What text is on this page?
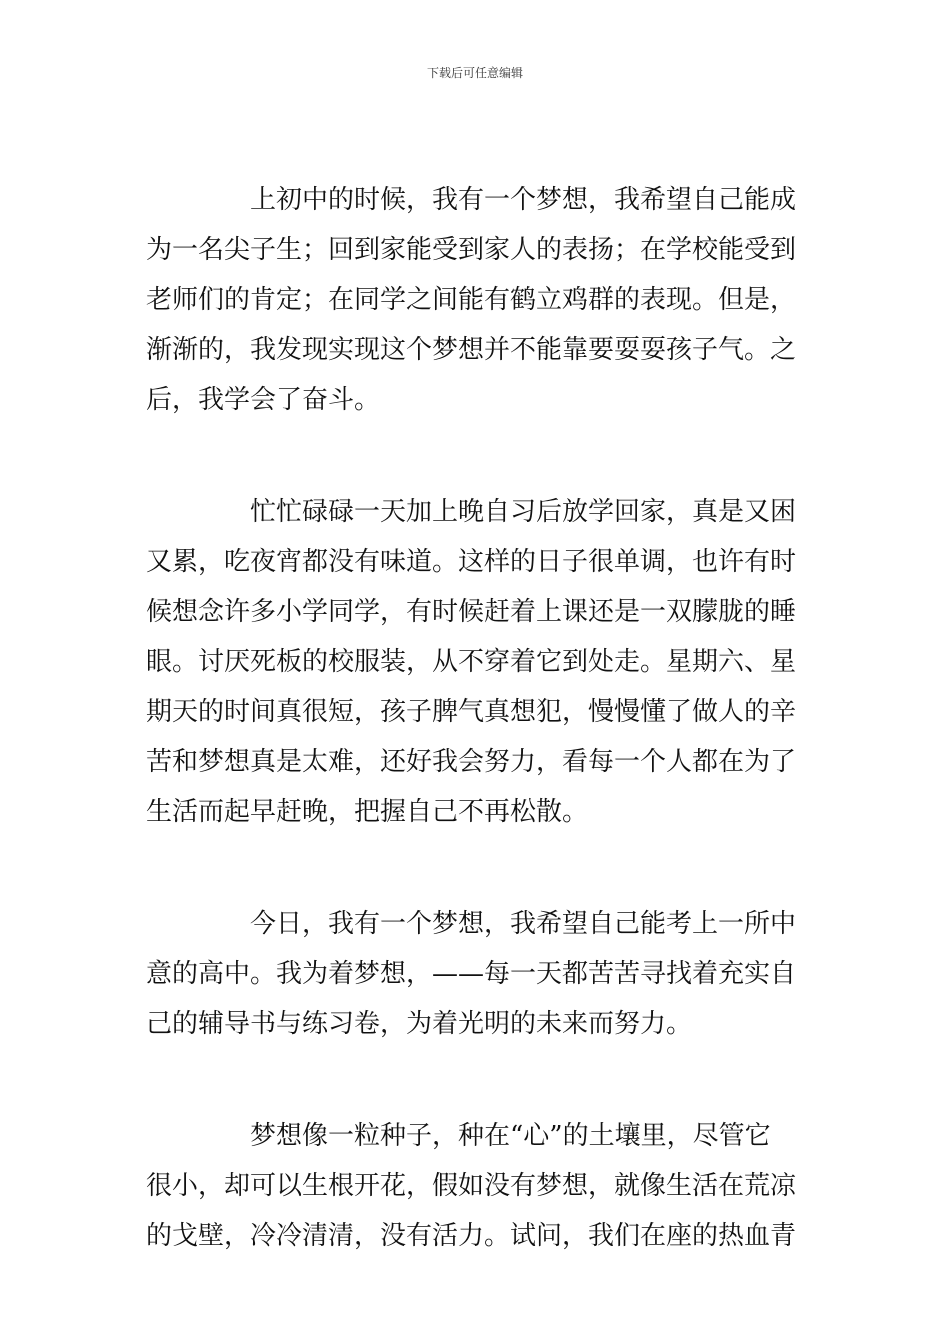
下载后可任意编辑
上初中的时候，我有一个梦想，我希望自己能成
为一名尖子生；回到家能受到家人的表扬；在学校能受到
老师们的肯定；在同学之间能有鹤立鸡群的表现。但是，
渐渐的，我发现实现这个梦想并不能靠要耍耍孩子气。之
后，我学会了奋斗。
忙忙碌碌一天加上晚自习后放学回家，真是又困
又累，吃夜宵都没有味道。这样的日子很单调，也许有时
候想念许多小学同学，有时候赶着上课还是一双朦胧的睡
眼。讨厌死板的校服装，从不穿着它到处走。星期六、星
期天的时间真很短，孩子脾气真想犯，慢慢懂了做人的辛
苦和梦想真是太难，还好我会努力，看每一个人都在为了
生活而起早赶晚，把握自己不再松散。
今日，我有一个梦想，我希望自己能考上一所中
意的高中。我为着梦想，——每一天都苦苦寻找着充实自
己的辅导书与练习卷，为着光明的未来而努力。
梦想像一粒种子，种在“心”的土壤里，尽管它
很小，却可以生根开花，假如没有梦想，就像生活在荒凉
的戈壁，冷冷清清，没有活力。试问，我们在座的热血青
